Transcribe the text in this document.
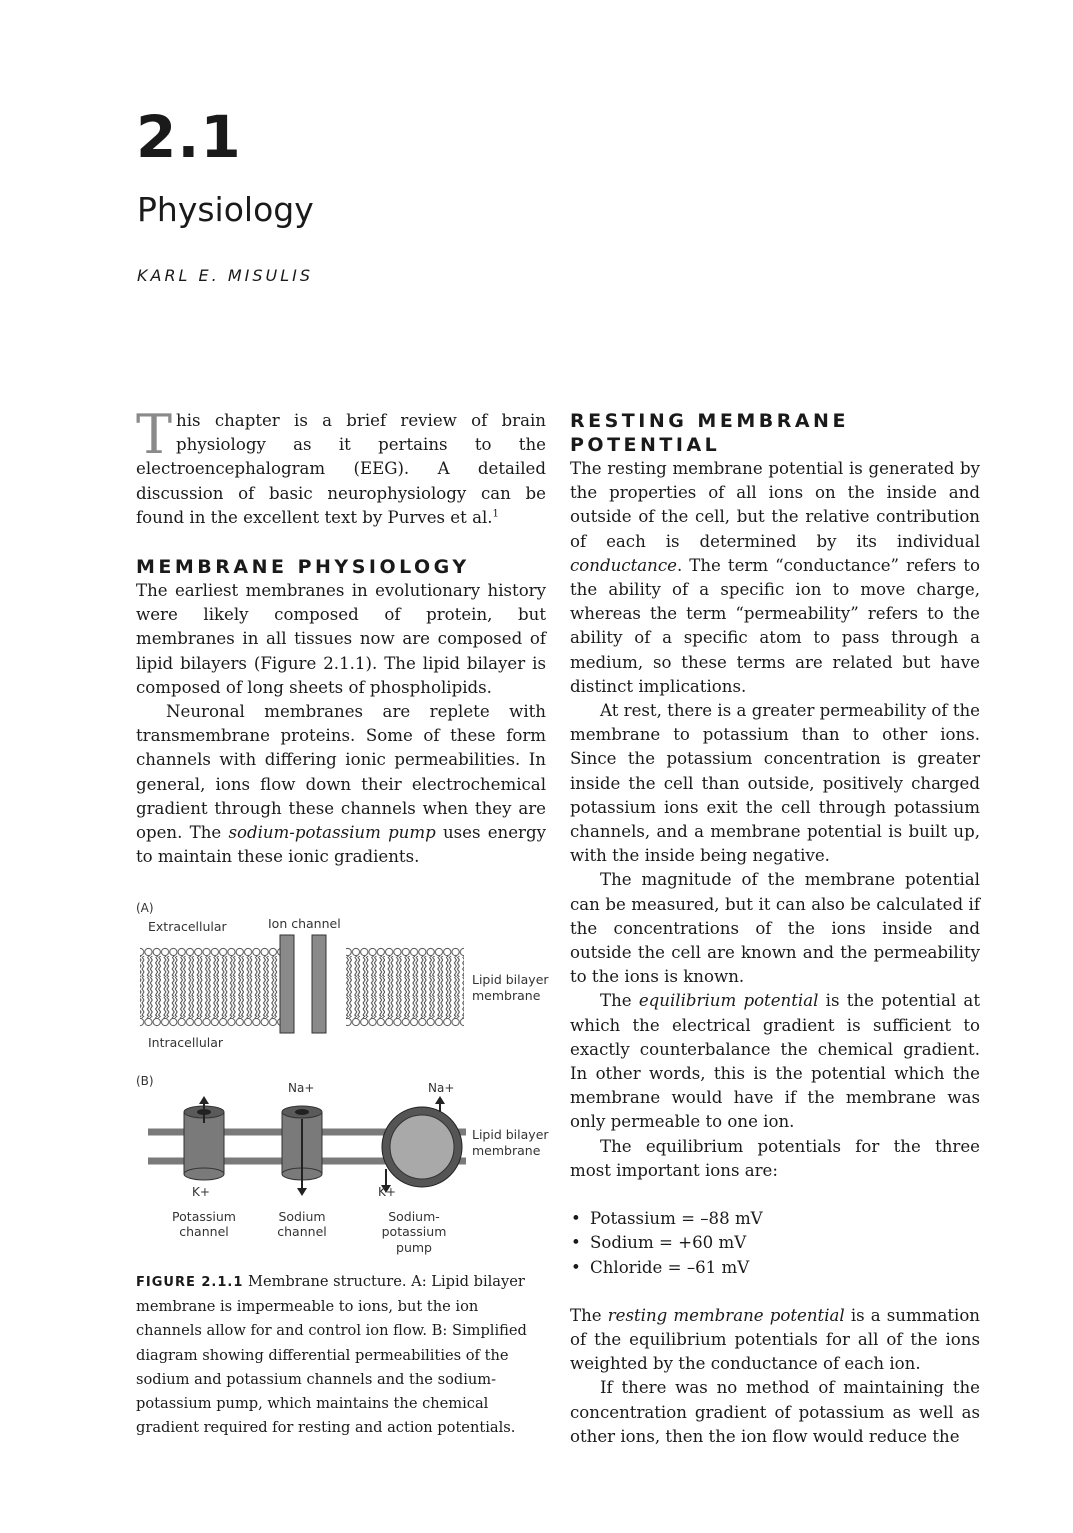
2.1
Physiology
KARL E. MISULIS

This chapter is a brief review of brain physiology as it pertains to the electroencephalogram (EEG). A detailed discussion of basic neurophysiology can be found in the excellent text by Purves et al.$^1$

MEMBRANE PHYSIOLOGY

The earliest membranes in evolutionary history were likely composed of protein, but membranes in all tissues now are composed of lipid bilayers (Figure 2.1.1). The lipid bilayer is composed of long sheets of phospholipids.

Neuronal membranes are replete with transmembrane proteins. Some of these form channels with differing ionic permeabilities. In general, ions flow down their electrochemical gradient through these channels when they are open. The sodium-potassium pump uses energy to maintain these ionic gradients.

(A)
Extracellular	Ion channel
Lipid bilayer
membrane
Intracellular
(B)	Na+	Na+
Lipid bilayer
membrane
K+	K+
Potassium
channel
Sodium
channel
Sodium-
potassium
pump
FIGURE 2.1.1 Membrane structure. A: Lipid bilayer membrane is impermeable to ions, but the ion channels allow for and control ion flow. B: Simplified diagram showing differential permeabilities of the sodium and potassium channels and the sodium-potassium pump, which maintains the chemical gradient required for resting and action potentials.
RESTING MEMBRANE
POTENTIAL

The resting membrane potential is generated by the properties of all ions on the inside and outside of the cell, but the relative contribution of each is determined by its individual conductance. The term “conductance” refers to the ability of a specific ion to move charge, whereas the term “permeability” refers to the ability of a specific atom to pass through a medium, so these terms are related but have distinct implications.

At rest, there is a greater permeability of the membrane to potassium than to other ions. Since the potassium concentration is greater inside the cell than outside, positively charged potassium ions exit the cell through potassium channels, and a membrane potential is built up, with the inside being negative.

The magnitude of the membrane potential can be measured, but it can also be calculated if the concentrations of the ions inside and outside the cell are known and the permeability to the ions is known.

The equilibrium potential is the potential at which the electrical gradient is sufficient to exactly counterbalance the chemical gradient. In other words, this is the potential which the membrane would have if the membrane was only permeable to one ion.

The equilibrium potentials for the three most important ions are:

• Potassium = –88 mV
• Sodium = +60 mV
• Chloride = –61 mV

The resting membrane potential is a summation of the equilibrium potentials for all of the ions weighted by the conductance of each ion.

If there was no method of maintaining the concentration gradient of potassium as well as other ions, then the ion flow would reduce the
